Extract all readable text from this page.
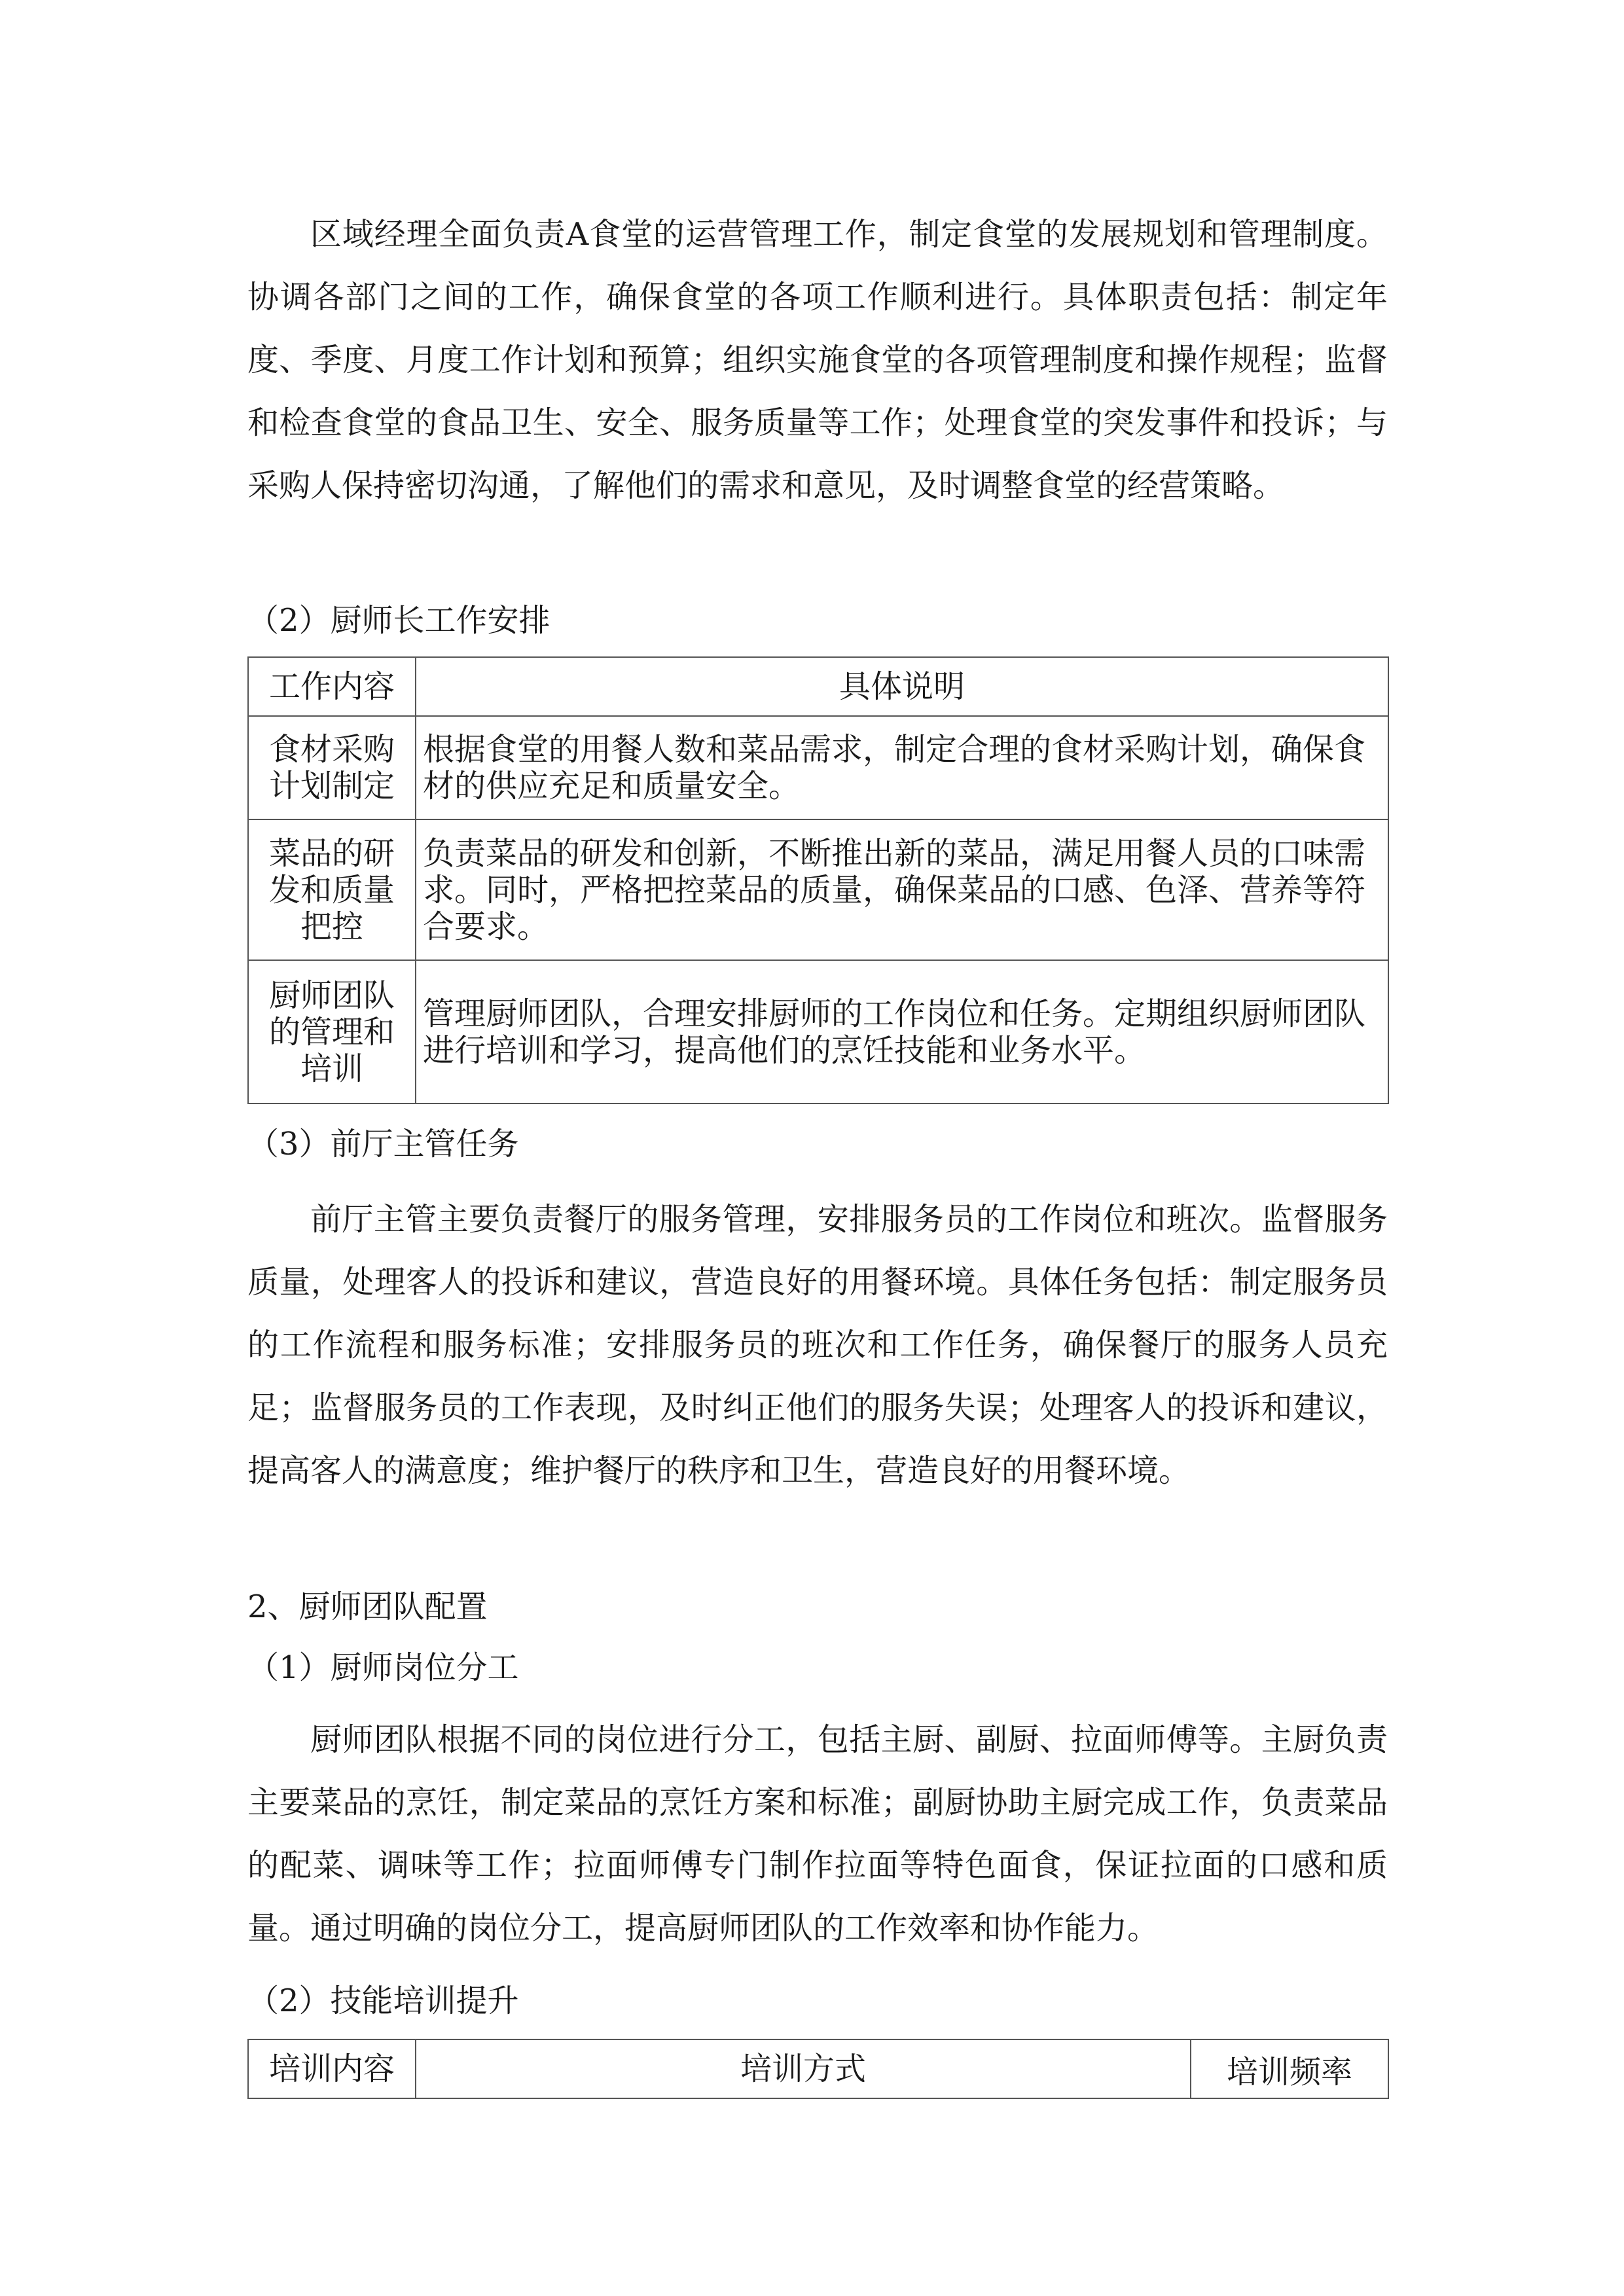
区域经理全面负责A食堂的运营管理工作，制定食堂的发展规划和管理制度。协调各部门之间的工作，确保食堂的各项工作顺利进行。具体职责包括：制定年度、季度、月度工作计划和预算；组织实施食堂的各项管理制度和操作规程；监督和检查食堂的食品卫生、安全、服务质量等工作；处理食堂的突发事件和投诉；与采购人保持密切沟通，了解他们的需求和意见，及时调整食堂的经营策略。

（2）厨师长工作安排

工作内容	具体说明
食材采购计划制定	根据食堂的用餐人数和菜品需求，制定合理的食材采购计划，确保食材的供应充足和质量安全。
菜品的研发和质量把控	负责菜品的研发和创新，不断推出新的菜品，满足用餐人员的口味需求。同时，严格把控菜品的质量，确保菜品的口感、色泽、营养等符合要求。
厨师团队的管理和培训	管理厨师团队，合理安排厨师的工作岗位和任务。定期组织厨师团队进行培训和学习，提高他们的烹饪技能和业务水平。

（3）前厅主管任务

前厅主管主要负责餐厅的服务管理，安排服务员的工作岗位和班次。监督服务质量，处理客人的投诉和建议，营造良好的用餐环境。具体任务包括：制定服务员的工作流程和服务标准；安排服务员的班次和工作任务，确保餐厅的服务人员充足；监督服务员的工作表现，及时纠正他们的服务失误；处理客人的投诉和建议，提高客人的满意度；维护餐厅的秩序和卫生，营造良好的用餐环境。

2、厨师团队配置

（1）厨师岗位分工

厨师团队根据不同的岗位进行分工，包括主厨、副厨、拉面师傅等。主厨负责主要菜品的烹饪，制定菜品的烹饪方案和标准；副厨协助主厨完成工作，负责菜品的配菜、调味等工作；拉面师傅专门制作拉面等特色面食，保证拉面的口感和质量。通过明确的岗位分工，提高厨师团队的工作效率和协作能力。

（2）技能培训提升

培训内容	培训方式	培训频率
